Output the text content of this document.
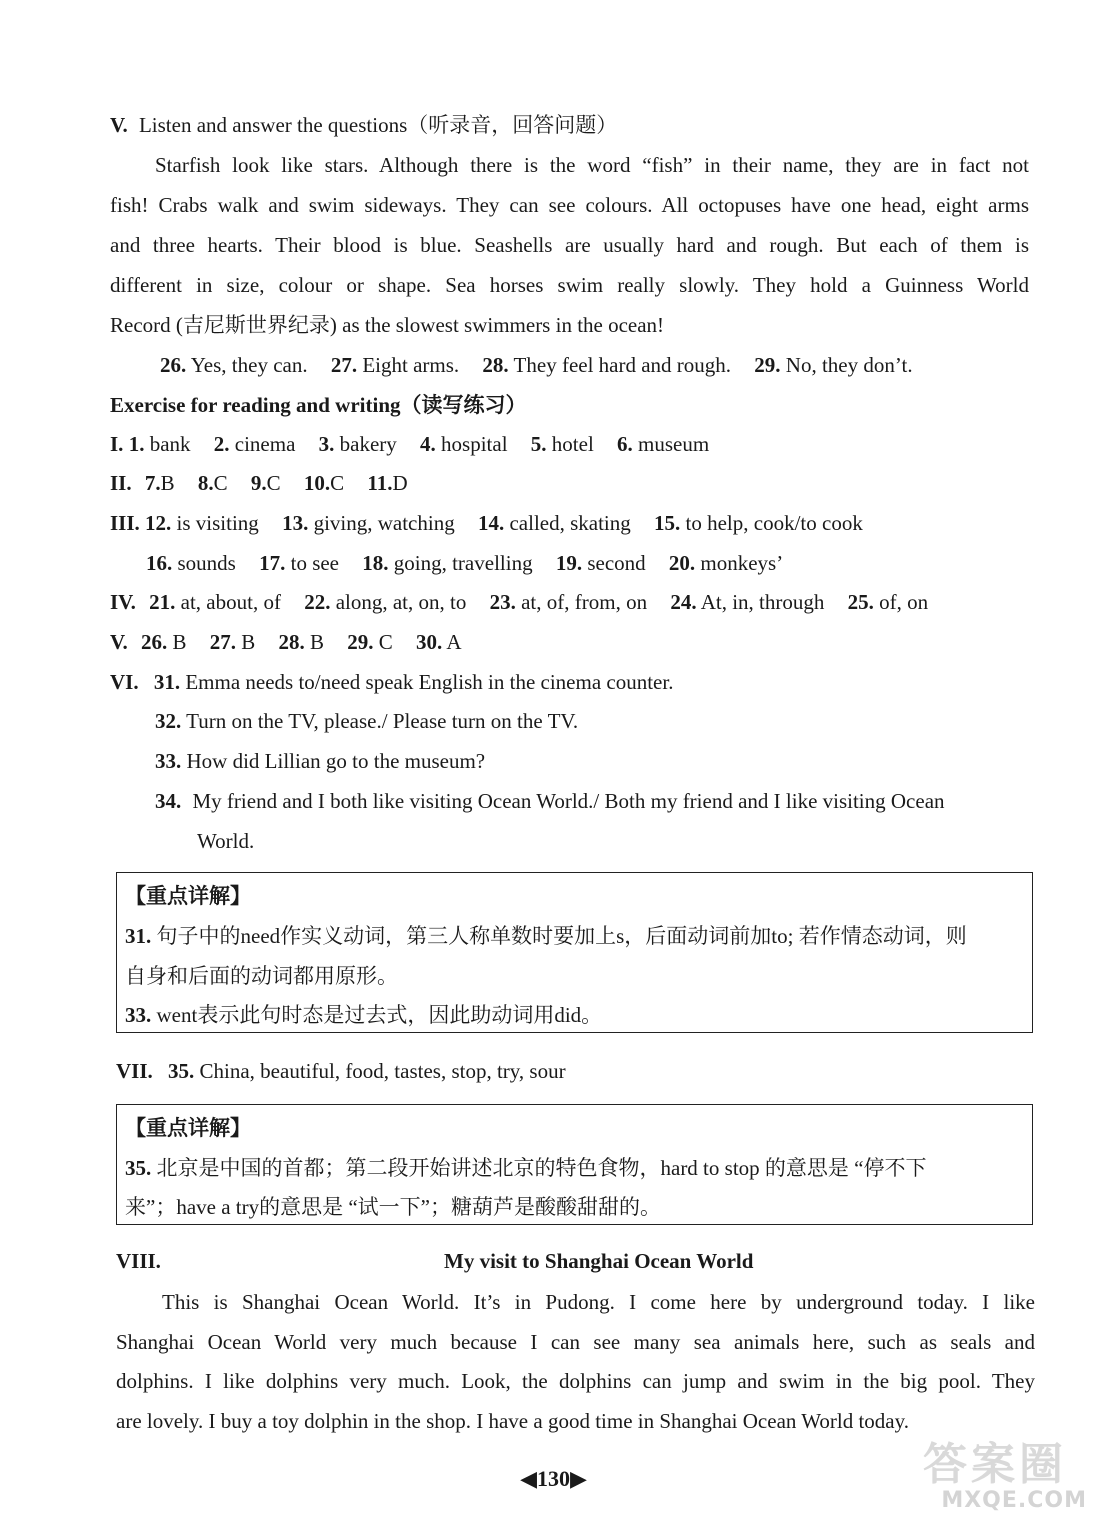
V. Listen and answer the questions（听录音，回答问题）
Starfish look like stars. Although there is the word “fish” in their name, they are in fact not
fish! Crabs walk and swim sideways. They can see colours. All octopuses have one head, eight arms
and three hearts. Their blood is blue. Seashells are usually hard and rough. But each of them is
different in size, colour or shape. Sea horses swim really slowly. They hold a Guinness World
Record (吉尼斯世界纪录) as the slowest swimmers in the ocean!
26. Yes, they can. 27. Eight arms. 28. They feel hard and rough. 29. No, they don’t.
Exercise for reading and writing（读写练习）
I. 1. bank 2. cinema 3. bakery 4. hospital 5. hotel 6. museum
II. 7.B 8.C 9.C 10.C 11.D
III. 12. is visiting 13. giving, watching 14. called, skating 15. to help, cook/to cook
16. sounds 17. to see 18. going, travelling 19. second 20. monkeys’
IV. 21. at, about, of 22. along, at, on, to 23. at, of, from, on 24. At, in, through 25. of, on
V. 26. B 27. B 28. B 29. C 30. A
VI. 31. Emma needs to/need speak English in the cinema counter.
32. Turn on the TV, please./ Please turn on the TV.
33. How did Lillian go to the museum?
34. My friend and I both like visiting Ocean World./ Both my friend and I like visiting Ocean
World.
【重点详解】
31. 句子中的need作实义动词，第三人称单数时要加上s，后面动词前加to; 若作情态动词，则
自身和后面的动词都用原形。
33. went表示此句时态是过去式，因此助动词用did。
VII. 35. China, beautiful, food, tastes, stop, try, sour
【重点详解】
35. 北京是中国的首都；第二段开始讲述北京的特色食物，hard to stop 的意思是 “停不下
来”；have a try的意思是 “试一下”；糖葫芦是酸酸甜甜的。
VIII.	My visit to Shanghai Ocean World
This is Shanghai Ocean World. It’s in Pudong. I come here by underground today. I like
Shanghai Ocean World very much because I can see many sea animals here, such as seals and
dolphins. I like dolphins very much. Look, the dolphins can jump and swim in the big pool. They
are lovely. I buy a toy dolphin in the shop. I have a good time in Shanghai Ocean World today.
◀130▶	答案圈
MXQE.COM
